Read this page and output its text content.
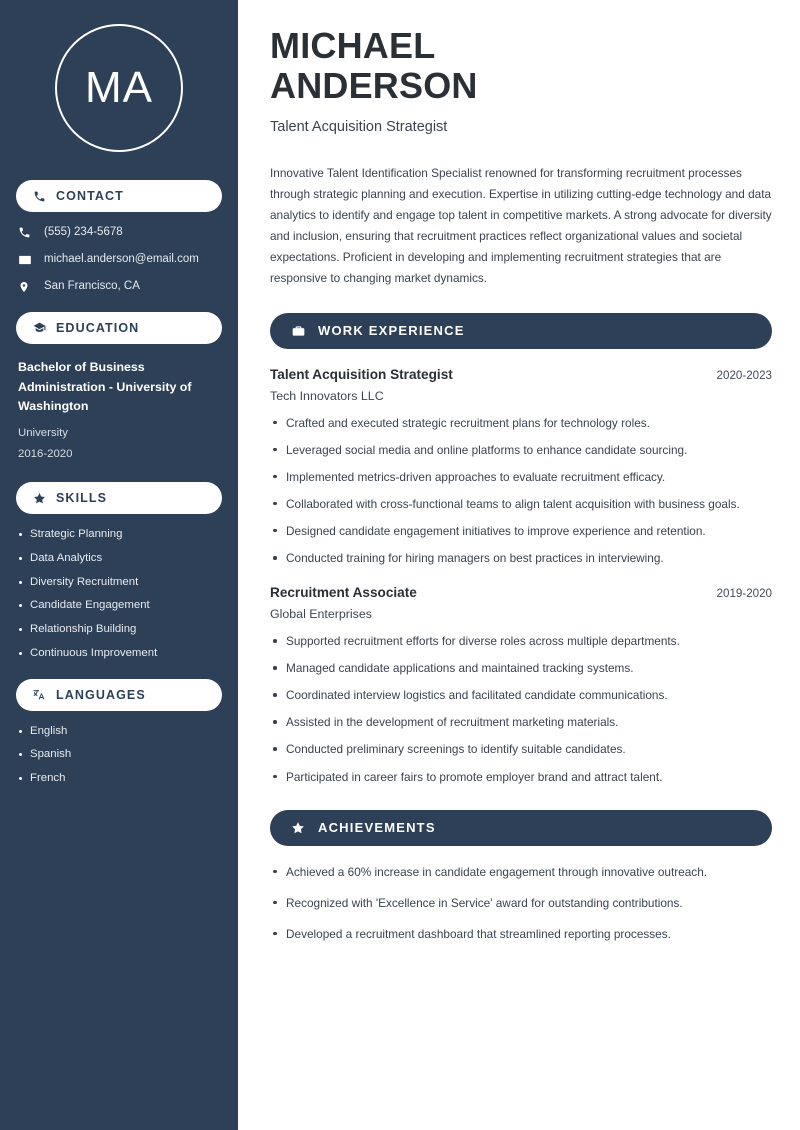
MA
CONTACT
(555) 234-5678
michael.anderson@email.com
San Francisco, CA
EDUCATION
Bachelor of Business Administration - University of Washington
University
2016-2020
SKILLS
Strategic Planning
Data Analytics
Diversity Recruitment
Candidate Engagement
Relationship Building
Continuous Improvement
LANGUAGES
English
Spanish
French
MICHAEL
ANDERSON
Talent Acquisition Strategist

Innovative Talent Identification Specialist renowned for transforming recruitment processes through strategic planning and execution. Expertise in utilizing cutting-edge technology and data analytics to identify and engage top talent in competitive markets. A strong advocate for diversity and inclusion, ensuring that recruitment practices reflect organizational values and societal expectations. Proficient in developing and implementing recruitment strategies that are responsive to changing market dynamics.

WORK EXPERIENCE
Talent Acquisition Strategist	2020-2023
Tech Innovators LLC
Crafted and executed strategic recruitment plans for technology roles.
Leveraged social media and online platforms to enhance candidate sourcing.
Implemented metrics-driven approaches to evaluate recruitment efficacy.
Collaborated with cross-functional teams to align talent acquisition with business goals.
Designed candidate engagement initiatives to improve experience and retention.
Conducted training for hiring managers on best practices in interviewing.
Recruitment Associate	2019-2020
Global Enterprises
Supported recruitment efforts for diverse roles across multiple departments.
Managed candidate applications and maintained tracking systems.
Coordinated interview logistics and facilitated candidate communications.
Assisted in the development of recruitment marketing materials.
Conducted preliminary screenings to identify suitable candidates.
Participated in career fairs to promote employer brand and attract talent.
ACHIEVEMENTS
Achieved a 60% increase in candidate engagement through innovative outreach.
Recognized with 'Excellence in Service' award for outstanding contributions.
Developed a recruitment dashboard that streamlined reporting processes.
